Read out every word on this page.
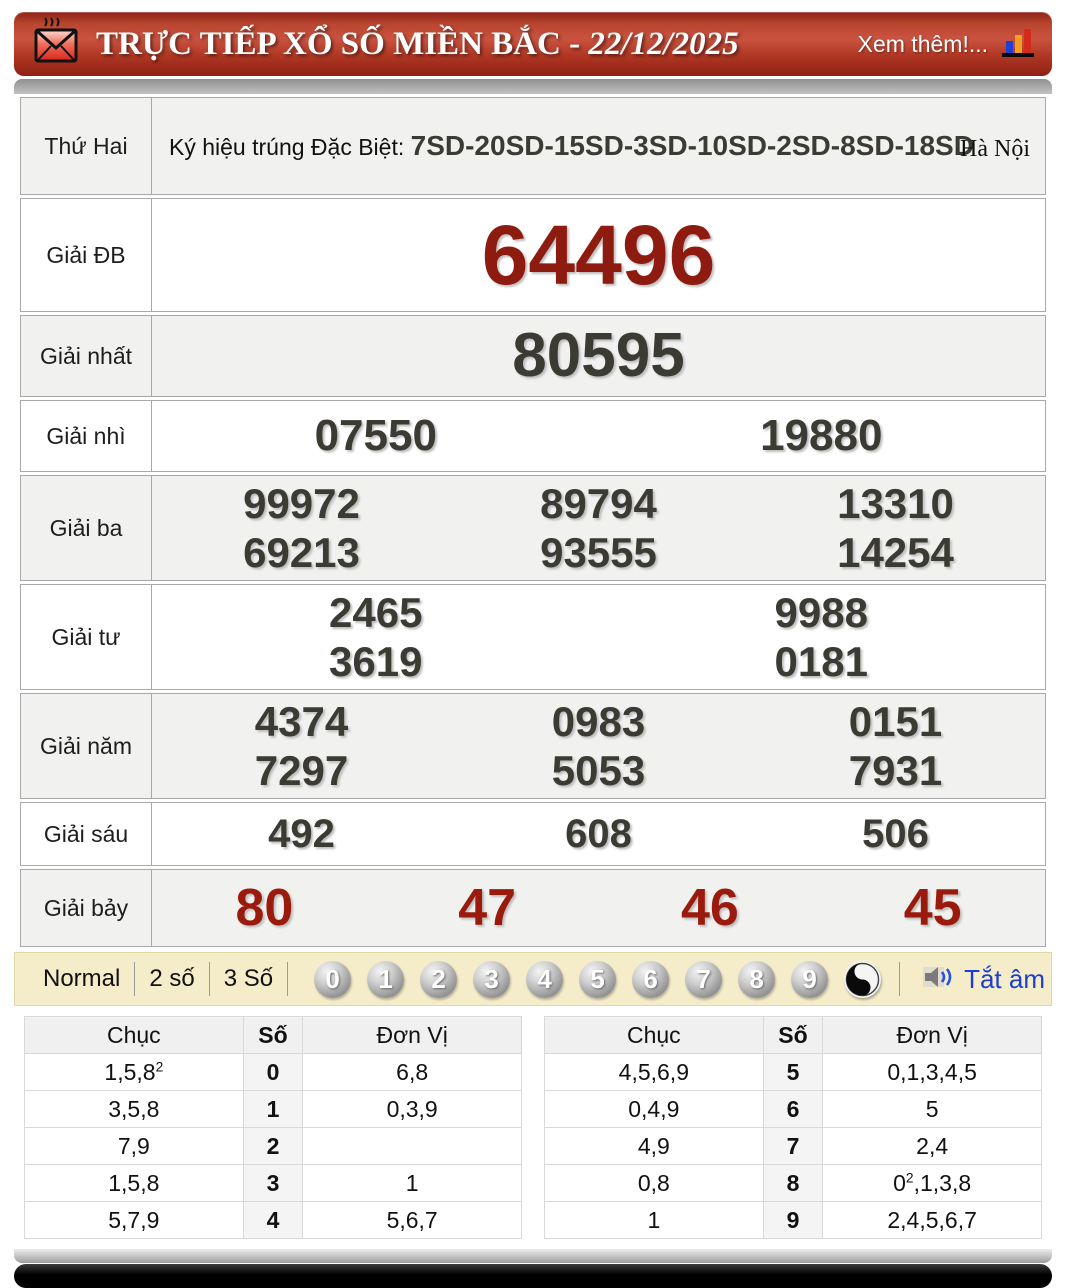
TRỰC TIẾP XỔ SỐ MIỀN BẮC - 22/12/2025	Xem thêm!...
Thứ Hai	Ký hiệu trúng Đặc Biệt: 7SD-20SD-15SD-3SD-10SD-2SD-8SD-18SD
Hà Nội

Giải ĐB	64496

Giải nhất	80595

Giải nhì	07550 19880

Giải ba	
99972	89794	13310
69213	93555	14254

Giải tư	2465 9988
3619 0181

Giải năm	
4374	0983	0151
7297	5053	7931

Giải sáu	492 608 506

Giải bảy	80 47 46 45
Normal	2 số	3 Số	0	1	2	3	4	5	6	7	8	9	Tắt âm
Chục	Số	Đơn Vị
1,5,8$^2$	0	6,8
3,5,8	1	0,3,9
7,9	2	
1,5,8	3	1
5,7,9	4	5,6,7
Chục	Số	Đơn Vị
4,5,6,9	5	0,1,3,4,5
0,4,9	6	5
4,9	7	2,4
0,8	8	$0^2,1,3,8$
1	9	2,4,5,6,7
